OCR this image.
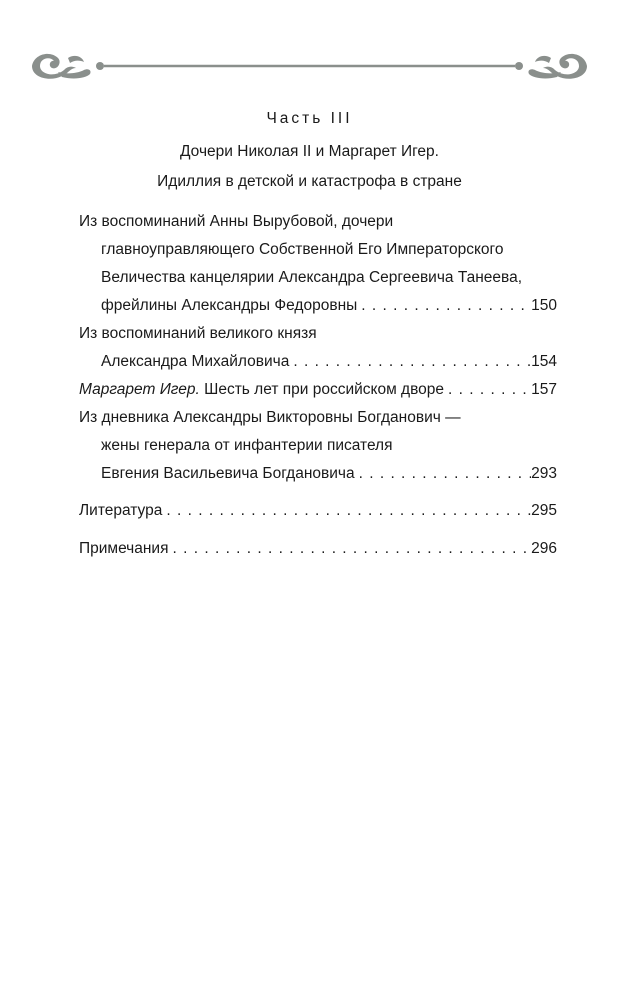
Часть III

Дочери Николая II и Маргарет Игер.

Идиллия в детской и катастрофа в стране

Из воспоминаний Анны Вырубовой, дочери
главноуправляющего Собственной Его Императорского
Величества канцелярии Александра Сергеевича Танеева,
фрейлины Александры Федоровны . . .	150
Из воспоминаний великого князя
Александра Михайловича . . .	154
Маргарет Игер. Шесть лет при российском дворе . . .	157
Из дневника Александры Викторовны Богданович —
жены генерала от инфантерии писателя
Евгения Васильевича Богдановича . . .	293
Литература . . .	295
Примечания . . .	296
